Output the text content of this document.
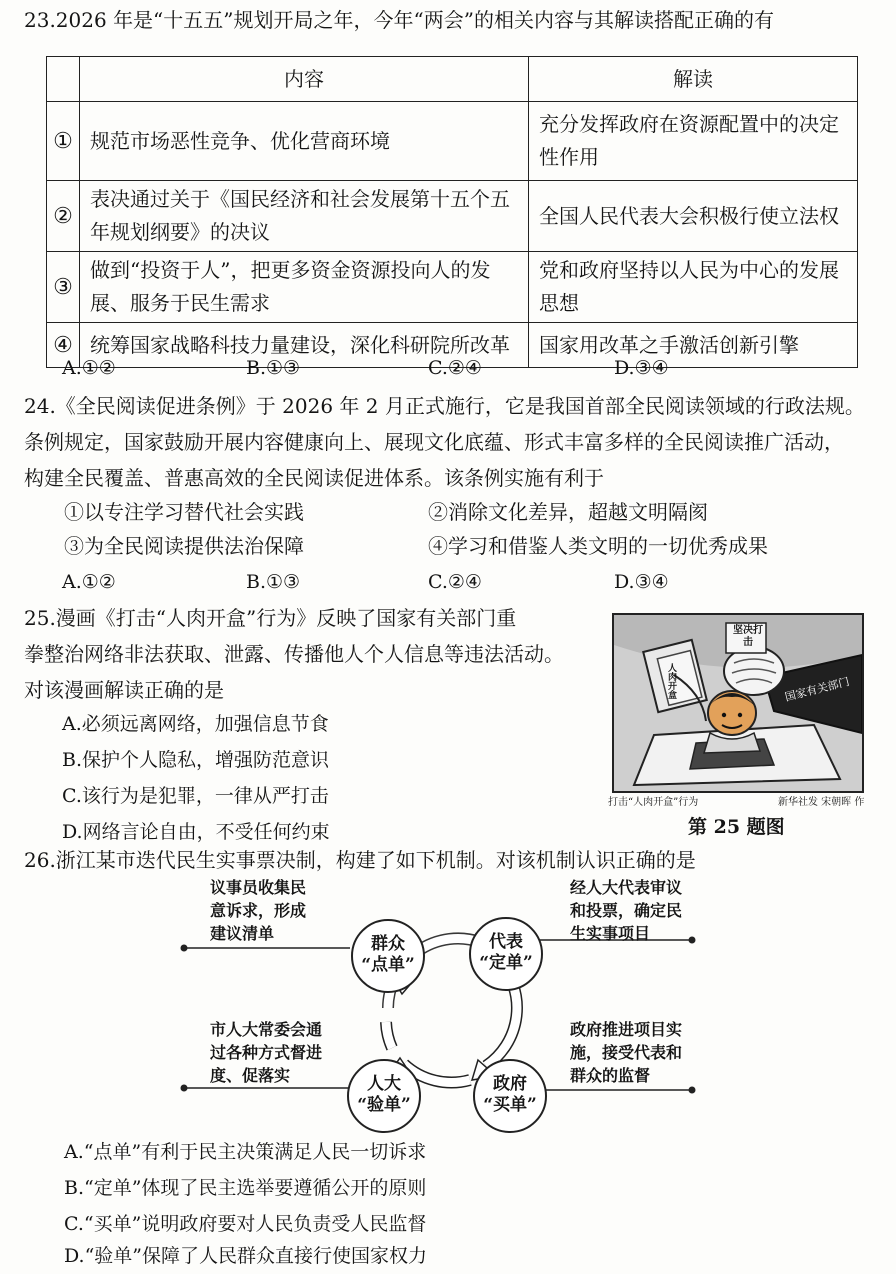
23.2026 年是“十五五”规划开局之年，今年“两会”的相关内容与其解读搭配正确的有
	内容	解读
①	规范市场恶性竞争、优化营商环境	充分发挥政府在资源配置中的决定性作用
②	表决通过关于《国民经济和社会发展第十五个五年规划纲要》的决议	全国人民代表大会积极行使立法权
③	做到“投资于人”，把更多资金资源投向人的发展、服务于民生需求	党和政府坚持以人民为中心的发展思想
④	统筹国家战略科技力量建设，深化科研院所改革	国家用改革之手激活创新引擎
A.①②	B.①③	C.②④	D.③④
24.《全民阅读促进条例》于 2026 年 2 月正式施行，它是我国首部全民阅读领域的行政法规。
条例规定，国家鼓励开展内容健康向上、展现文化底蕴、形式丰富多样的全民阅读推广活动，
构建全民覆盖、普惠高效的全民阅读促进体系。该条例实施有利于
①以专注学习替代社会实践	②消除文化差异，超越文明隔阂
③为全民阅读提供法治保障	④学习和借鉴人类文明的一切优秀成果
A.①②	B.①③	C.②④	D.③④
25.漫画《打击“人肉开盒”行为》反映了国家有关部门重
拳整治网络非法获取、泄露、传播他人个人信息等违法活动。
对该漫画解读正确的是
A.必须远离网络，加强信息节食
B.保护个人隐私，增强防范意识
C.该行为是犯罪，一律从严打击
D.网络言论自由，不受任何约束
坚决打击
人肉开盒	国家有关部门
打击“人肉开盒”行为	新华社发 宋朝晖 作
第 25 题图
26.浙江某市迭代民生实事票决制，构建了如下机制。对该机制认识正确的是
群众
“点单”
代表
“定单”
政府
“买单”
人大
“验单”
议事员收集民
意诉求，形成
建议清单
经人大代表审议
和投票，确定民
生实事项目
政府推进项目实
施，接受代表和
群众的监督
市人大常委会通
过各种方式督进
度、促落实
A.“点单”有利于民主决策满足人民一切诉求
B.“定单”体现了民主选举要遵循公开的原则
C.“买单”说明政府要对人民负责受人民监督
D.“验单”保障了人民群众直接行使国家权力
